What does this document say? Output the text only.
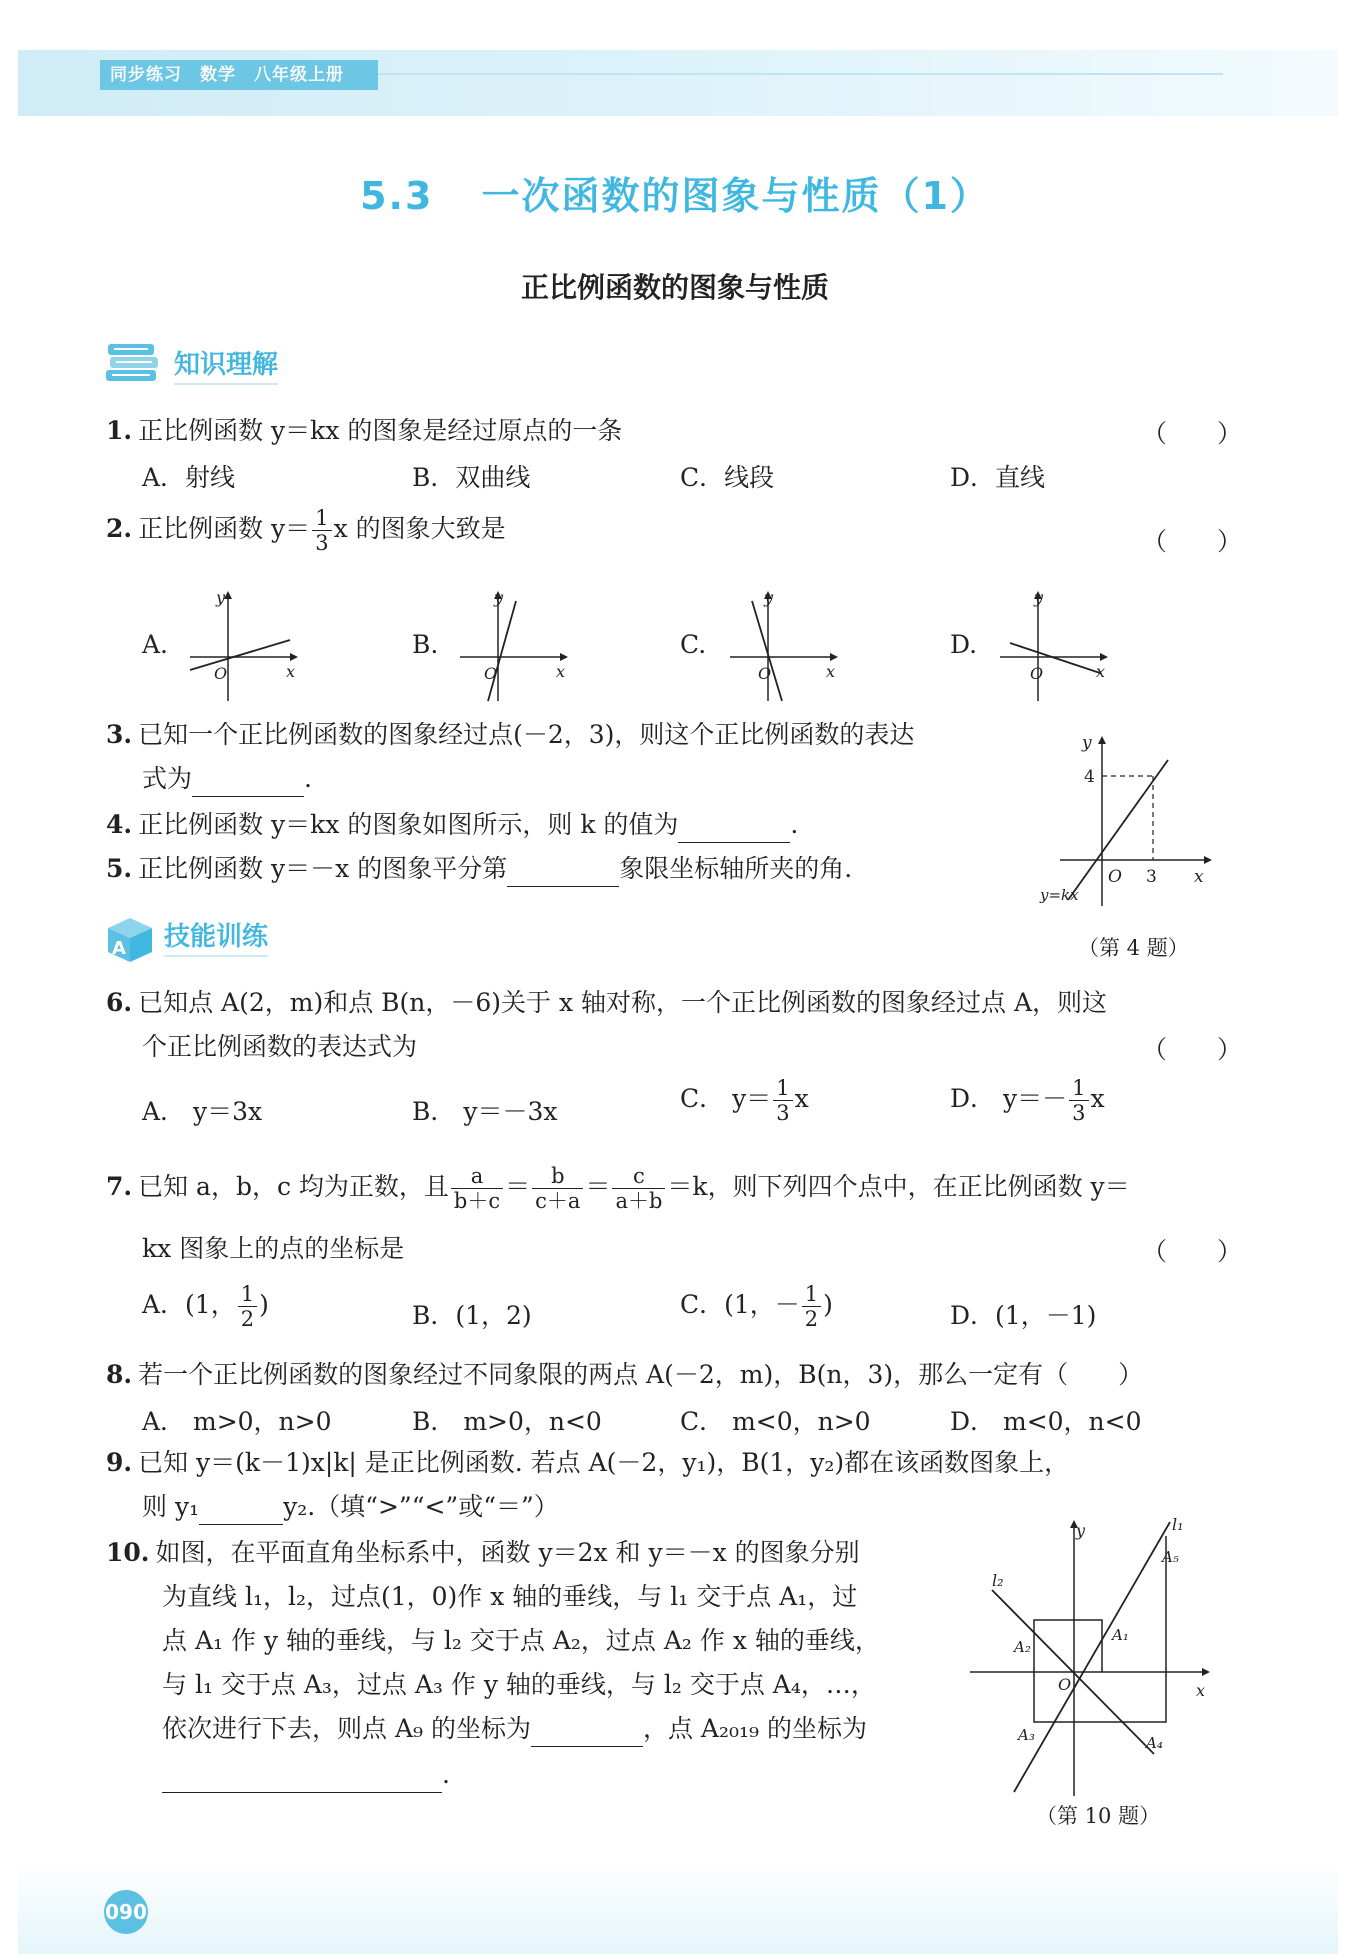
同步练习　数学　八年级上册
5.3 一次函数的图象与性质（1）
正比例函数的图象与性质
知识理解
1. 正比例函数 y＝kx 的图象是经过原点的一条	（　　）
A．射线	B．双曲线	C．线段	D．直线
2. 正比例函数 $y= \frac{1}{3}$ x 的图象大致是	（　　）
A.	B.	C.	D.
y
x
O
y
x
O
y
x
O
y
x
O
3. 已知一个正比例函数的图象经过点(－2，3)，则这个正比例函数的表达
式为	.
4. 正比例函数 y＝kx 的图象如图所示，则 k 的值为	.
5. 正比例函数 y＝－x 的图象平分第	象限坐标轴所夹的角.
y
4
O 3 x
y=kx
（第 4 题）
A 技能训练
6. 已知点 A(2，m)和点 B(n，－6)关于 x 轴对称，一个正比例函数的图象经过点 A，则这
个正比例函数的表达式为	（　　）
A． y＝3x	B． y＝－3x	C． $y= \frac{1}{3}$ x	D． $y=- \frac{1}{3}$ x
7. 已知 a，b，c 均为正数，且 $\frac{a}{b+c} = \frac{b}{c+a} = \frac{c}{a+b} =k$，则下列四个点中，在正比例函数 y＝
kx 图象上的点的坐标是	（　　）
A．(1， $\frac{1}{2}$ )	B．(1，2)	C．(1，－ $\frac{1}{2}$ )	D．(1，－1)
8. 若一个正比例函数的图象经过不同象限的两点 A(－2，m)，B(n，3)，那么一定有（　　）
A． m>0，n>0	B． m>0，n<0	C． m<0，n>0	D． m<0，n<0
9. 已知 y＝(k－1)x|k| 是正比例函数. 若点 A(－2，y₁)，B(1，y₂)都在该函数图象上，
则 y₁	y₂.（填“>”“<”或“＝”）
10. 如图，在平面直角坐标系中，函数 y＝2x 和 y＝－x 的图象分别
为直线 l₁，l₂，过点(1，0)作 x 轴的垂线，与 l₁ 交于点 A₁，过
点 A₁ 作 y 轴的垂线，与 l₂ 交于点 A₂，过点 A₂ 作 x 轴的垂线，
与 l₁ 交于点 A₃，过点 A₃ 作 y 轴的垂线，与 l₂ 交于点 A₄，…，
依次进行下去，则点 A₉ 的坐标为	，点 A₂₀₁₉ 的坐标为
.
y
x
O
l₁
l₂
A₁
A₂
A₃	A₄
A₅
（第 10 题）
090
